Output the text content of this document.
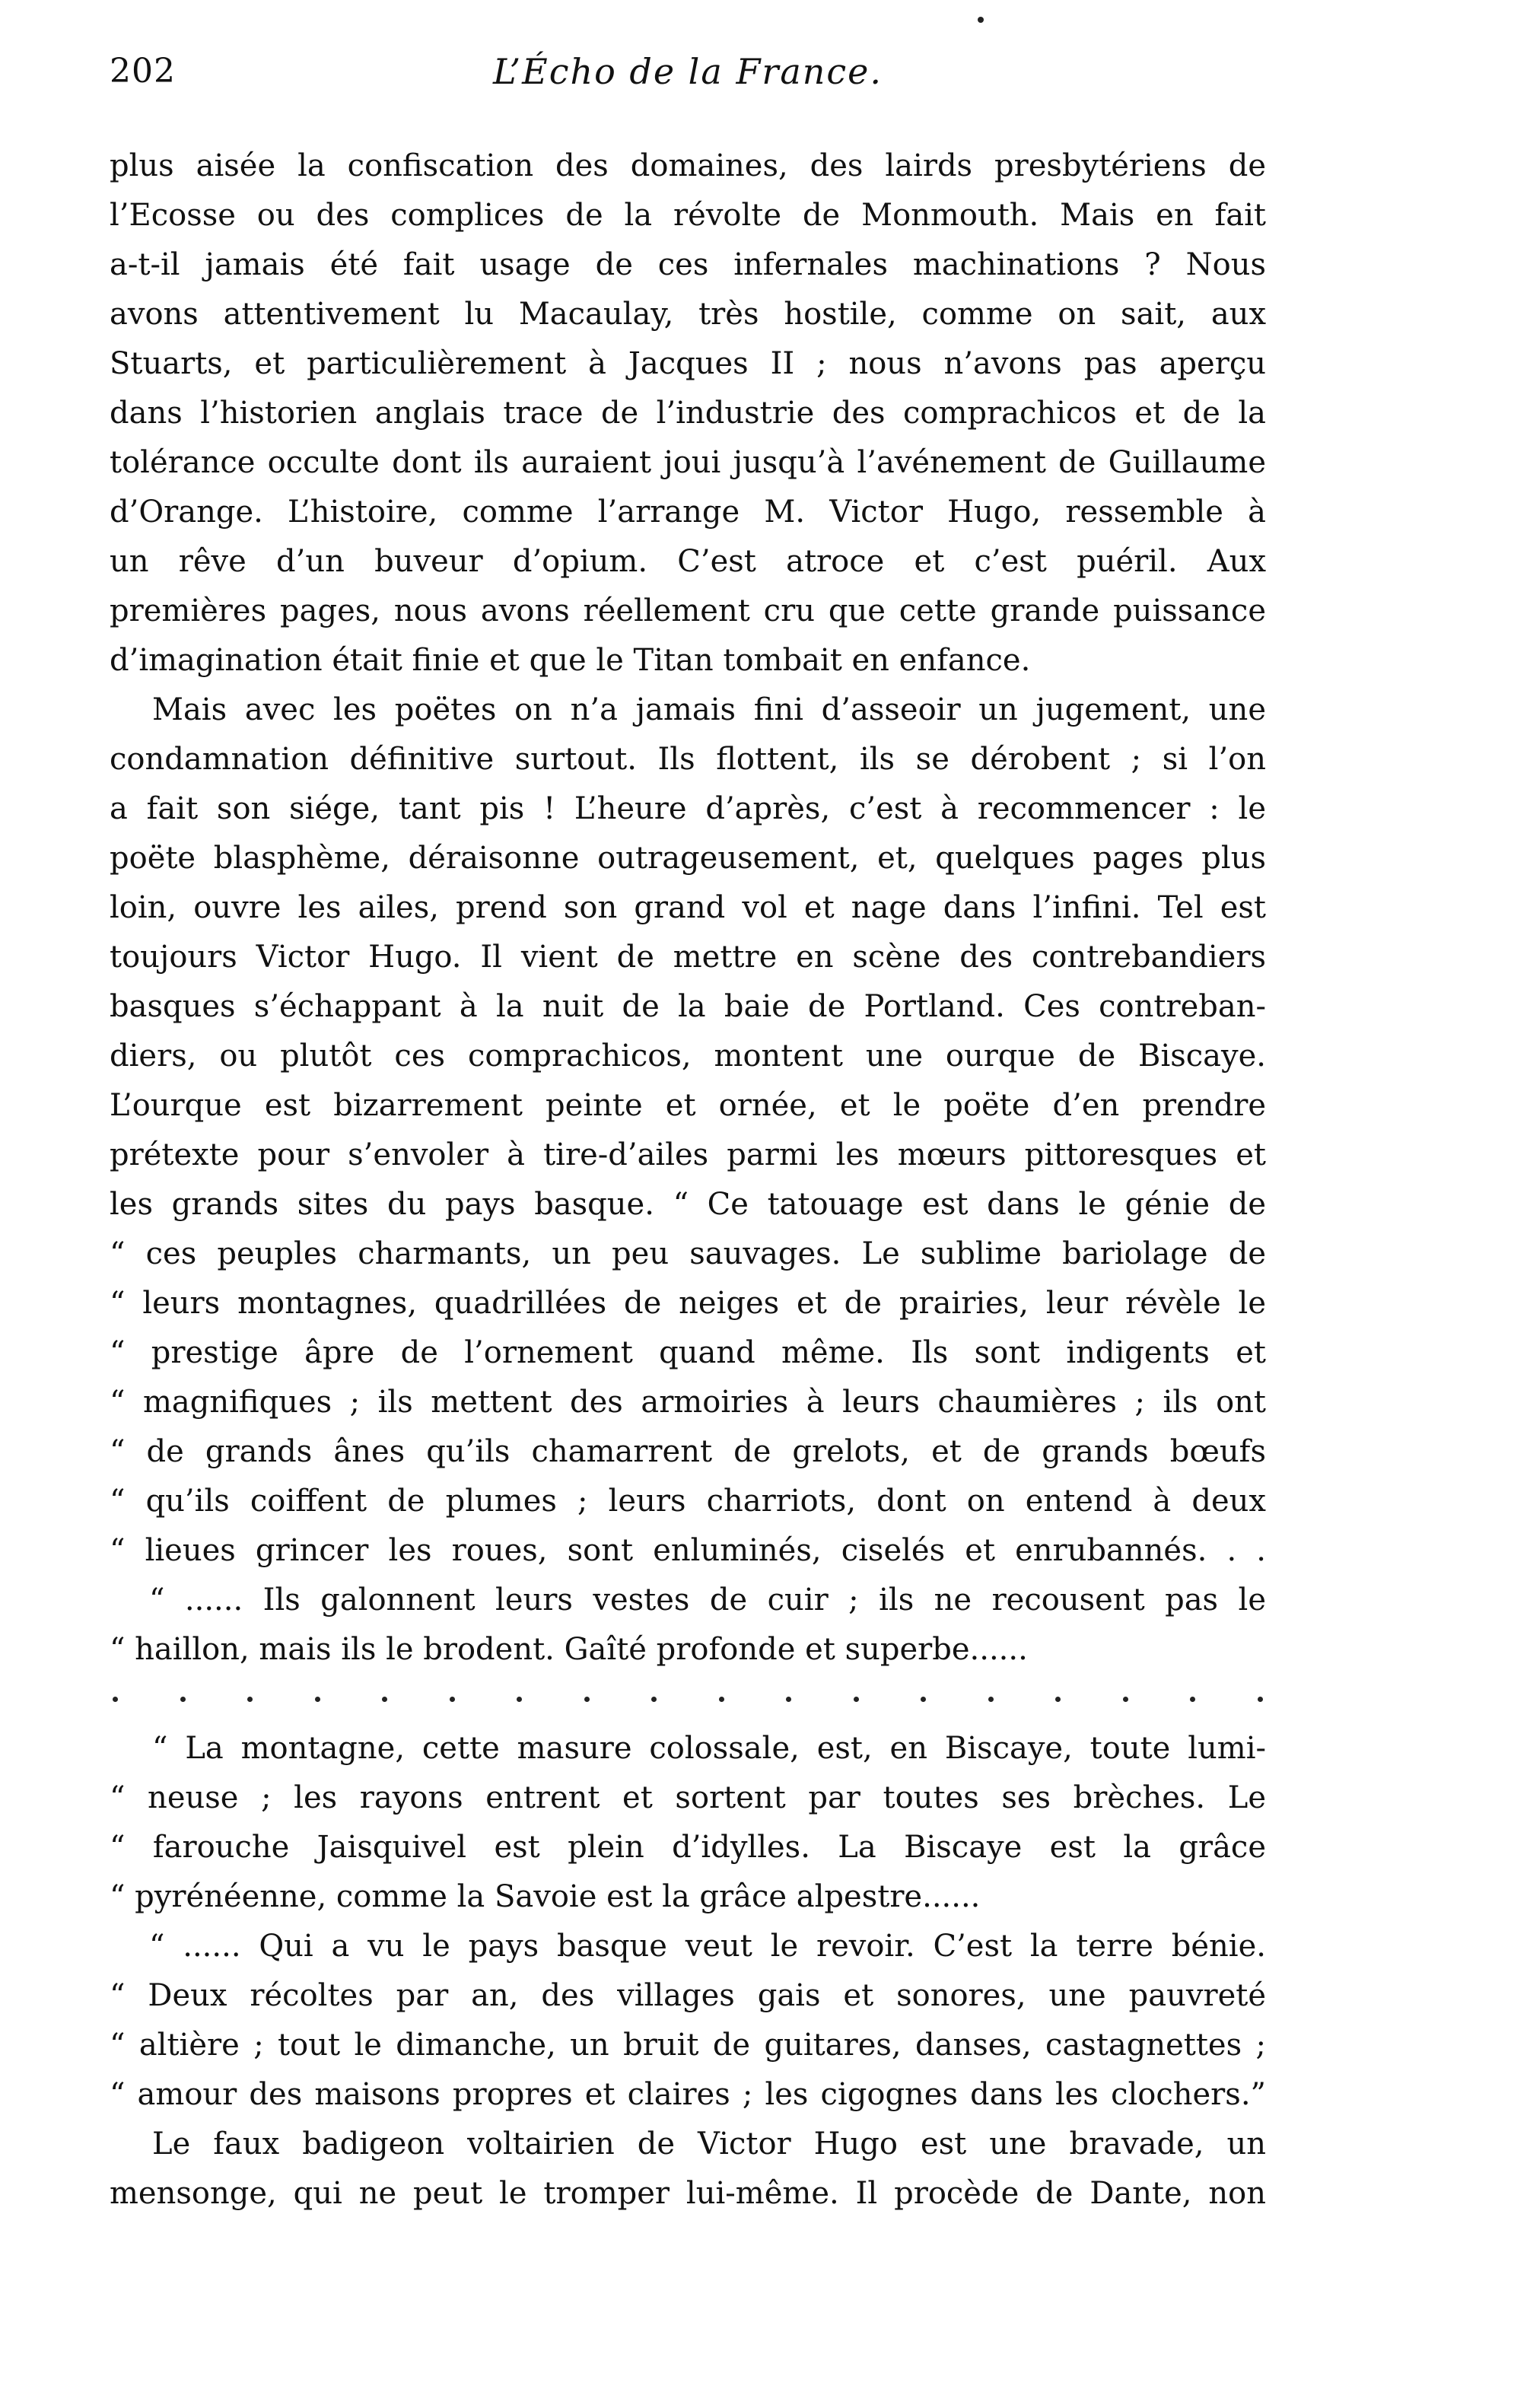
202	L’Écho de la France.
plus aisée la confiscation des domaines, des lairds presbytériens de
l’Ecosse ou des complices de la révolte de Monmouth. Mais en fait
a-t-il jamais été fait usage de ces infernales machinations ? Nous
avons attentivement lu Macaulay, très hostile, comme on sait, aux
Stuarts, et particulièrement à Jacques II ; nous n’avons pas aperçu
dans l’historien anglais trace de l’industrie des comprachicos et de la
tolérance occulte dont ils auraient joui jusqu’à l’avénement de Guillaume
d’Orange. L’histoire, comme l’arrange M. Victor Hugo, ressemble à
un rêve d’un buveur d’opium. C’est atroce et c’est puéril. Aux
premières pages, nous avons réellement cru que cette grande puissance
d’imagination était finie et que le Titan tombait en enfance.
Mais avec les poëtes on n’a jamais fini d’asseoir un jugement, une
condamnation définitive surtout. Ils flottent, ils se dérobent ; si l’on
a fait son siége, tant pis ! L’heure d’après, c’est à recommencer : le
poëte blasphème, déraisonne outrageusement, et, quelques pages plus
loin, ouvre les ailes, prend son grand vol et nage dans l’infini. Tel est
toujours Victor Hugo. Il vient de mettre en scène des contrebandiers
basques s’échappant à la nuit de la baie de Portland. Ces contreban-
diers, ou plutôt ces comprachicos, montent une ourque de Biscaye.
L’ourque est bizarrement peinte et ornée, et le poëte d’en prendre
prétexte pour s’envoler à tire-d’ailes parmi les mœurs pittoresques et
les grands sites du pays basque. “ Ce tatouage est dans le génie de
“ ces peuples charmants, un peu sauvages. Le sublime bariolage de
“ leurs montagnes, quadrillées de neiges et de prairies, leur révèle le
“ prestige âpre de l’ornement quand même. Ils sont indigents et
“ magnifiques ; ils mettent des armoiries à leurs chaumières ; ils ont
“ de grands ânes qu’ils chamarrent de grelots, et de grands bœufs
“ qu’ils coiffent de plumes ; leurs charriots, dont on entend à deux
“ lieues grincer les roues, sont enluminés, ciselés et enrubannés. . .
“ ...... Ils galonnent leurs vestes de cuir ; ils ne recousent pas le
“ haillon, mais ils le brodent. Gaîté profonde et superbe......
“ La montagne, cette masure colossale, est, en Biscaye, toute lumi-
“ neuse ; les rayons entrent et sortent par toutes ses brèches. Le
“ farouche Jaisquivel est plein d’idylles. La Biscaye est la grâce
“ pyrénéenne, comme la Savoie est la grâce alpestre......
“ ...... Qui a vu le pays basque veut le revoir. C’est la terre bénie.
“ Deux récoltes par an, des villages gais et sonores, une pauvreté
“ altière ; tout le dimanche, un bruit de guitares, danses, castagnettes ;
“ amour des maisons propres et claires ; les cigognes dans les clochers.”
Le faux badigeon voltairien de Victor Hugo est une bravade, un
mensonge, qui ne peut le tromper lui-même. Il procède de Dante, non
